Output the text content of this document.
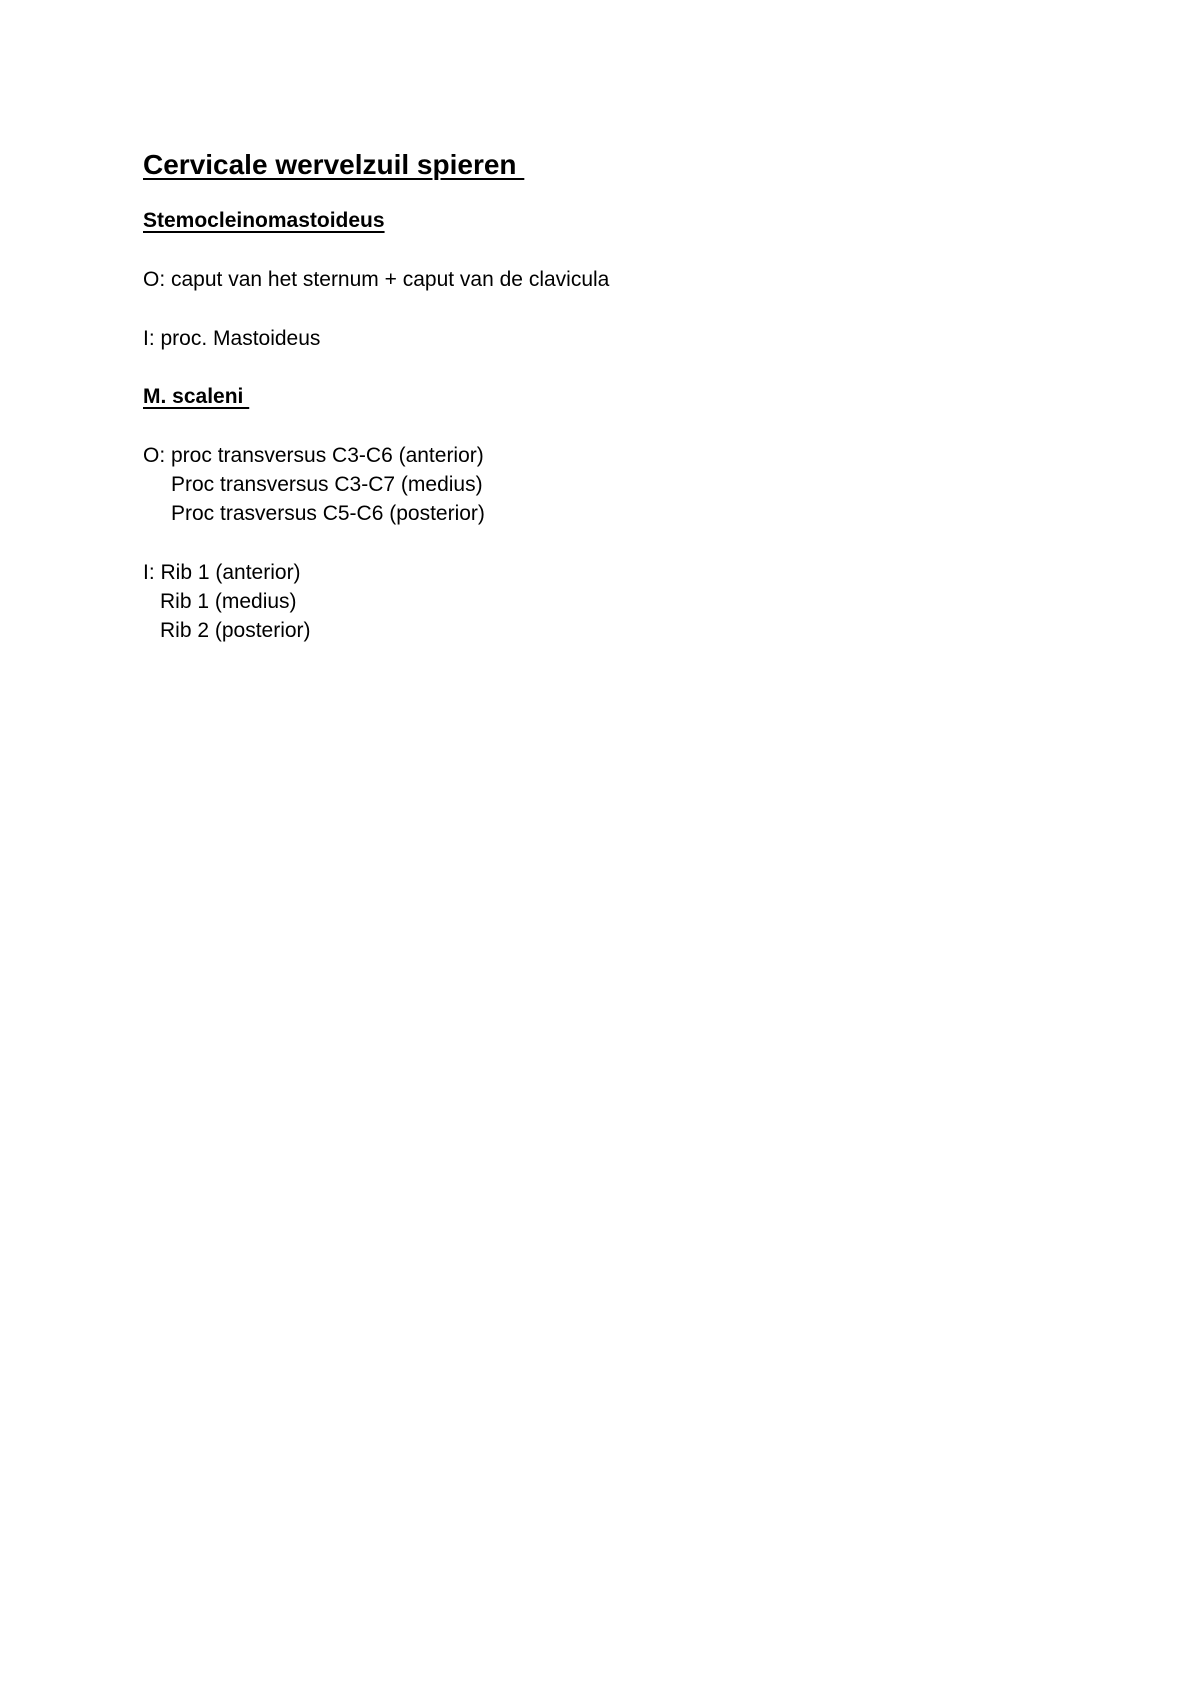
Cervicale wervelzuil spieren

Stemocleinomastoideus

O: caput van het sternum + caput van de clavicula

I: proc. Mastoideus

M. scaleni

O: proc transversus C3-C6 (anterior)

Proc transversus C3-C7 (medius)

Proc trasversus C5-C6 (posterior)

I: Rib 1 (anterior)

Rib 1 (medius)

Rib 2 (posterior)
